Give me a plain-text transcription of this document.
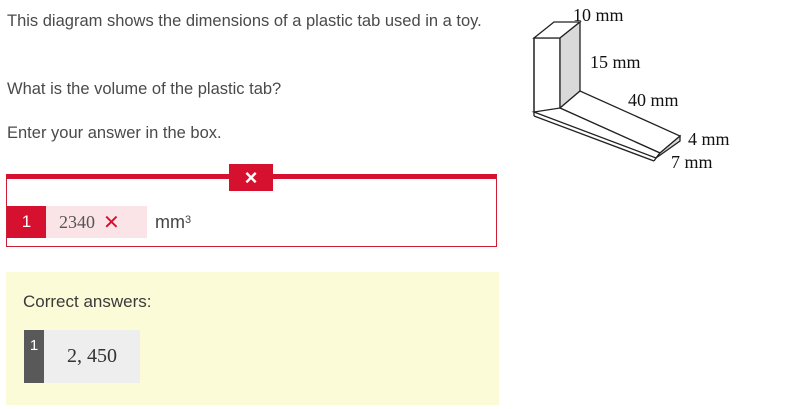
This diagram shows the dimensions of a plastic tab used in a toy.

What is the volume of the plastic tab?

Enter your answer in the box.

1	2340 ✕ $mm^3$
×
Correct answers:
1	2, 450
10 mm
15 mm
40 mm
4 mm
7 mm
